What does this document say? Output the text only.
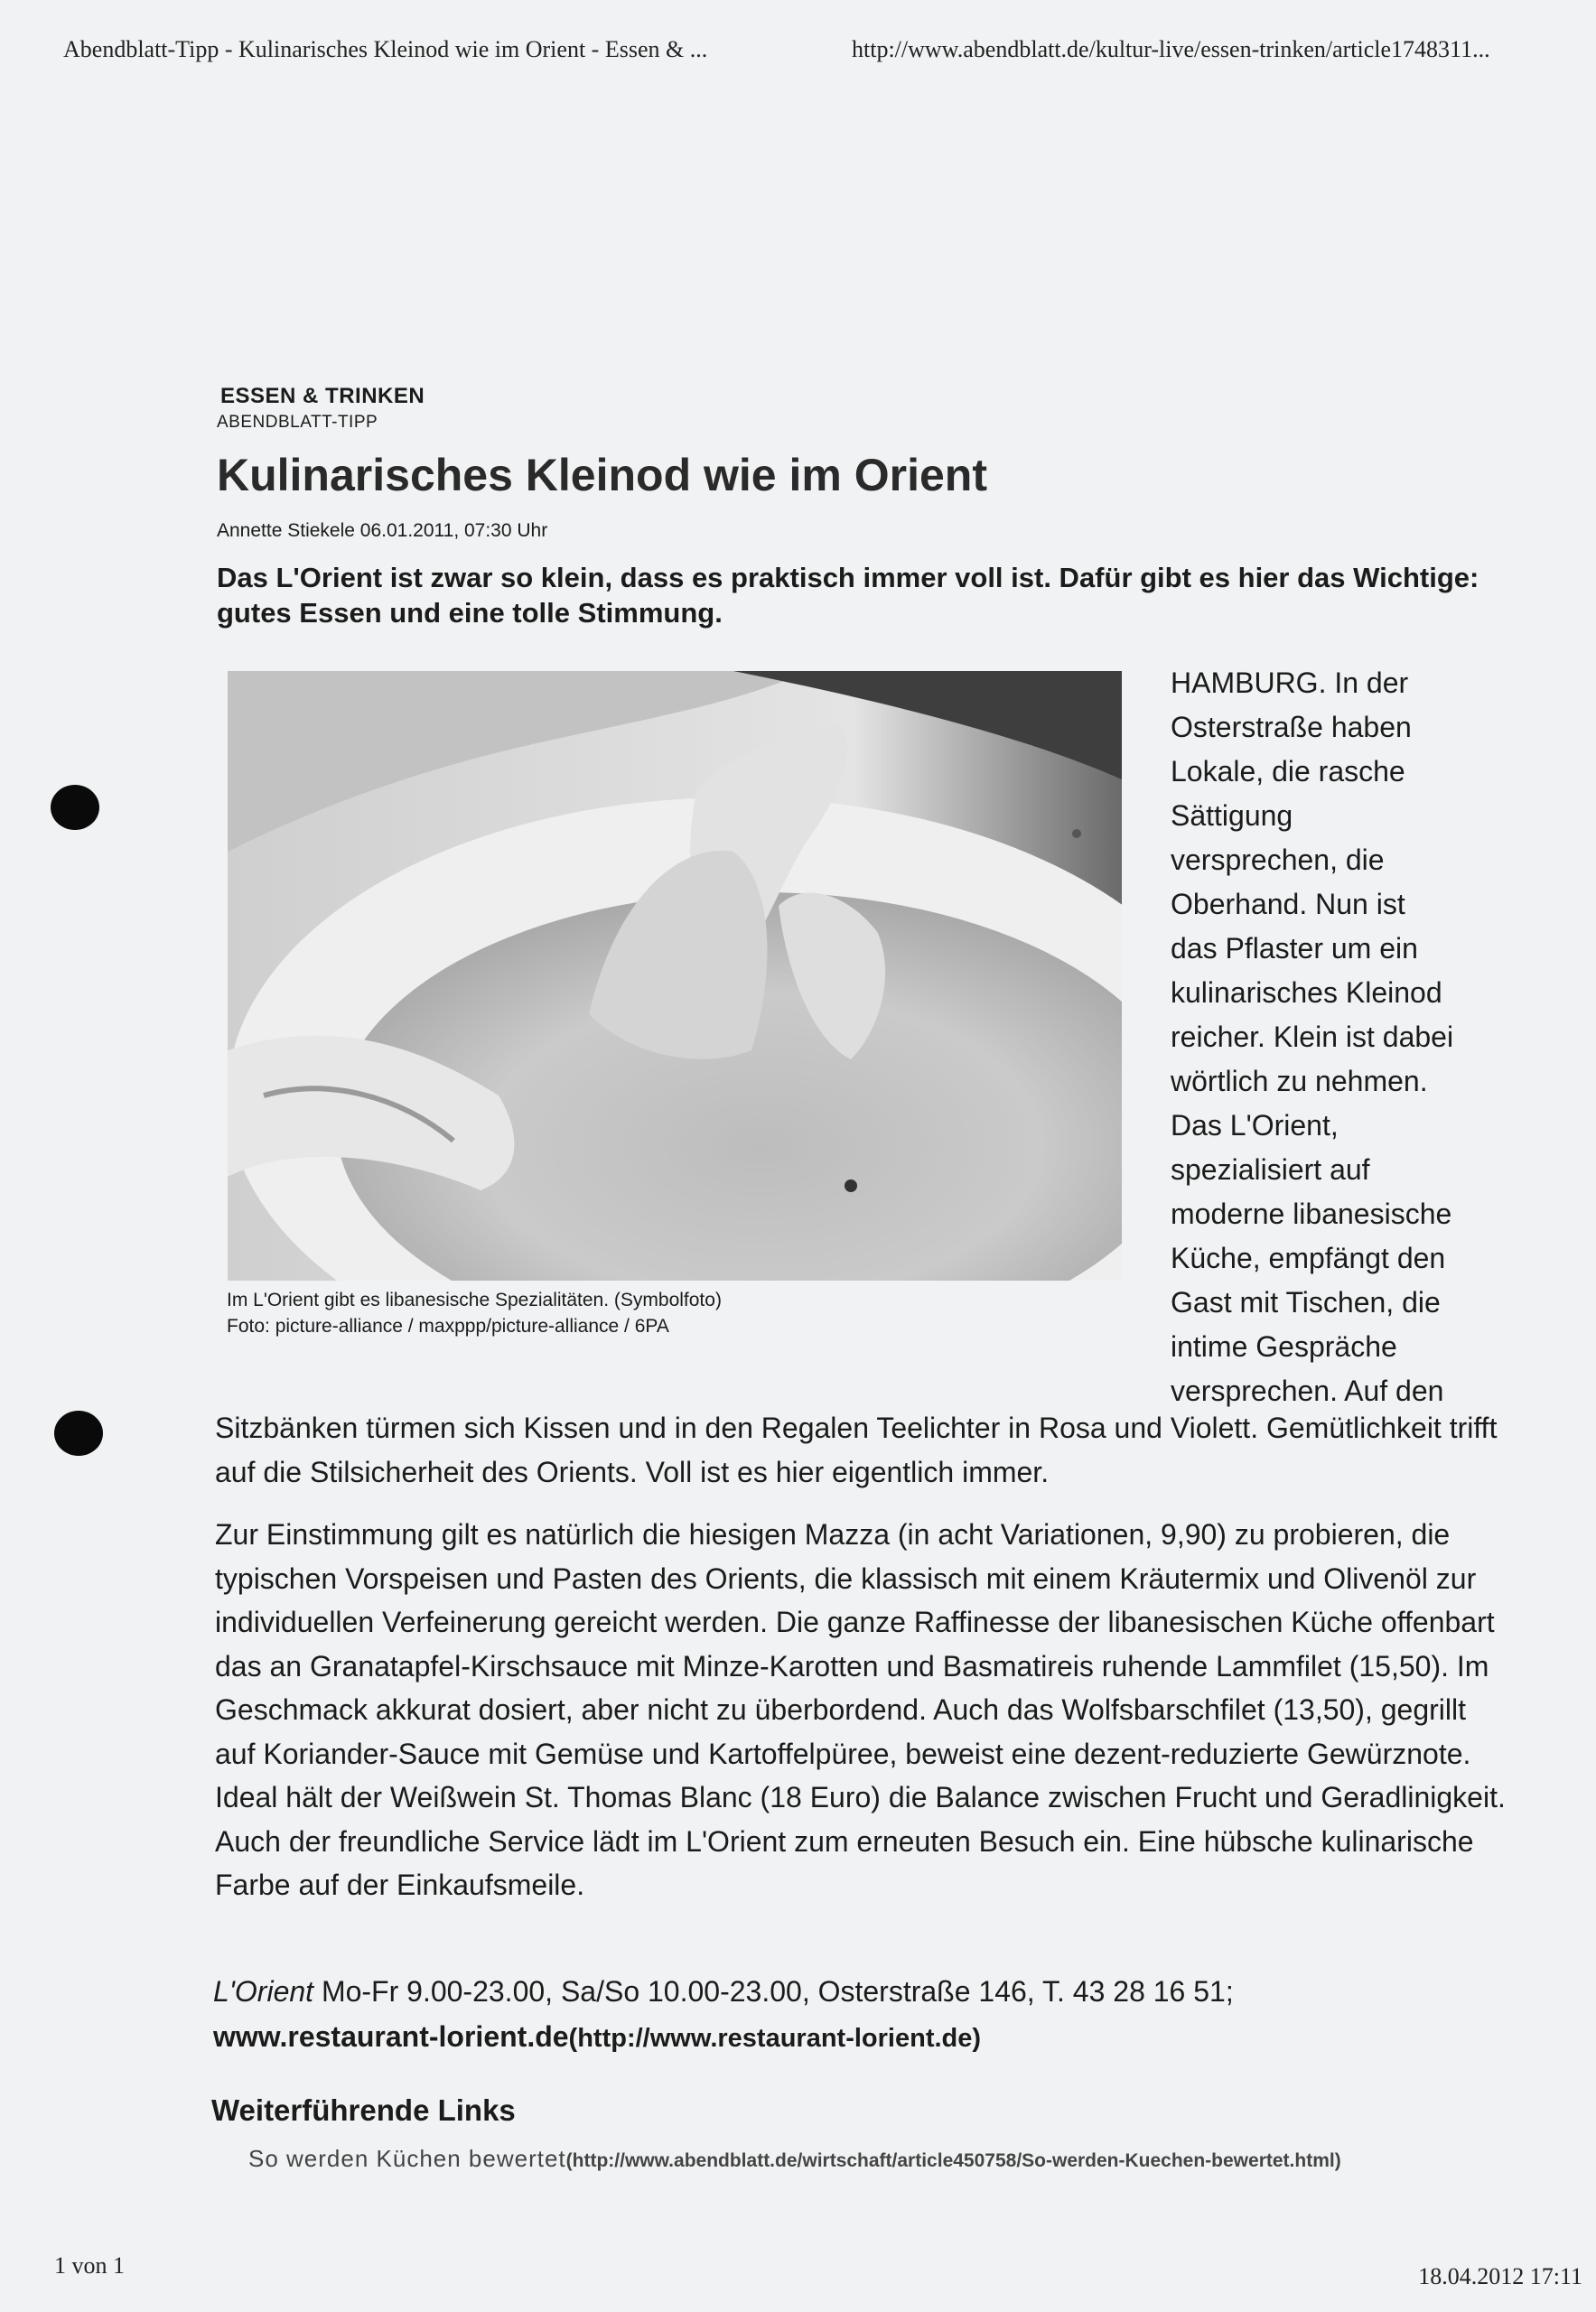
Abendblatt-Tipp - Kulinarisches Kleinod wie im Orient - Essen & ...	http://www.abendblatt.de/kultur-live/essen-trinken/article1748311...
ESSEN & TRINKEN
ABENDBLATT-TIPP
Kulinarisches Kleinod wie im Orient
Annette Stiekele 06.01.2011, 07:30 Uhr

Das L'Orient ist zwar so klein, dass es praktisch immer voll ist. Dafür gibt es hier das Wichtige: gutes Essen und eine tolle Stimmung.

Im L'Orient gibt es libanesische Spezialitäten. (Symbolfoto)
Foto: picture-alliance / maxppp/picture-alliance / 6PA
HAMBURG. In der
Osterstraße haben
Lokale, die rasche
Sättigung
versprechen, die
Oberhand. Nun ist
das Pflaster um ein
kulinarisches Kleinod
reicher. Klein ist dabei
wörtlich zu nehmen.
Das L'Orient,
spezialisiert auf
moderne libanesische
Küche, empfängt den
Gast mit Tischen, die
intime Gespräche
versprechen. Auf den

Sitzbänken türmen sich Kissen und in den Regalen Teelichter in Rosa und Violett. Gemütlichkeit trifft auf die Stilsicherheit des Orients. Voll ist es hier eigentlich immer.

Zur Einstimmung gilt es natürlich die hiesigen Mazza (in acht Variationen, 9,90) zu probieren, die typischen Vorspeisen und Pasten des Orients, die klassisch mit einem Kräutermix und Olivenöl zur individuellen Verfeinerung gereicht werden. Die ganze Raffinesse der libanesischen Küche offenbart das an Granatapfel-Kirschsauce mit Minze-Karotten und Basmatireis ruhende Lammfilet (15,50). Im Geschmack akkurat dosiert, aber nicht zu überbordend. Auch das Wolfsbarschfilet (13,50), gegrillt auf Koriander-Sauce mit Gemüse und Kartoffelpüree, beweist eine dezent-reduzierte Gewürznote. Ideal hält der Weißwein St. Thomas Blanc (18 Euro) die Balance zwischen Frucht und Geradlinigkeit. Auch der freundliche Service lädt im L'Orient zum erneuten Besuch ein. Eine hübsche kulinarische Farbe auf der Einkaufsmeile.

L'Orient Mo-Fr 9.00-23.00, Sa/So 10.00-23.00, Osterstraße 146, T. 43 28 16 51;
www.restaurant-lorient.de(http://www.restaurant-lorient.de)

Weiterführende Links
So werden Küchen bewertet(http://www.abendblatt.de/wirtschaft/article450758/So-werden-Kuechen-bewertet.html)
1 von 1	18.04.2012 17:11
